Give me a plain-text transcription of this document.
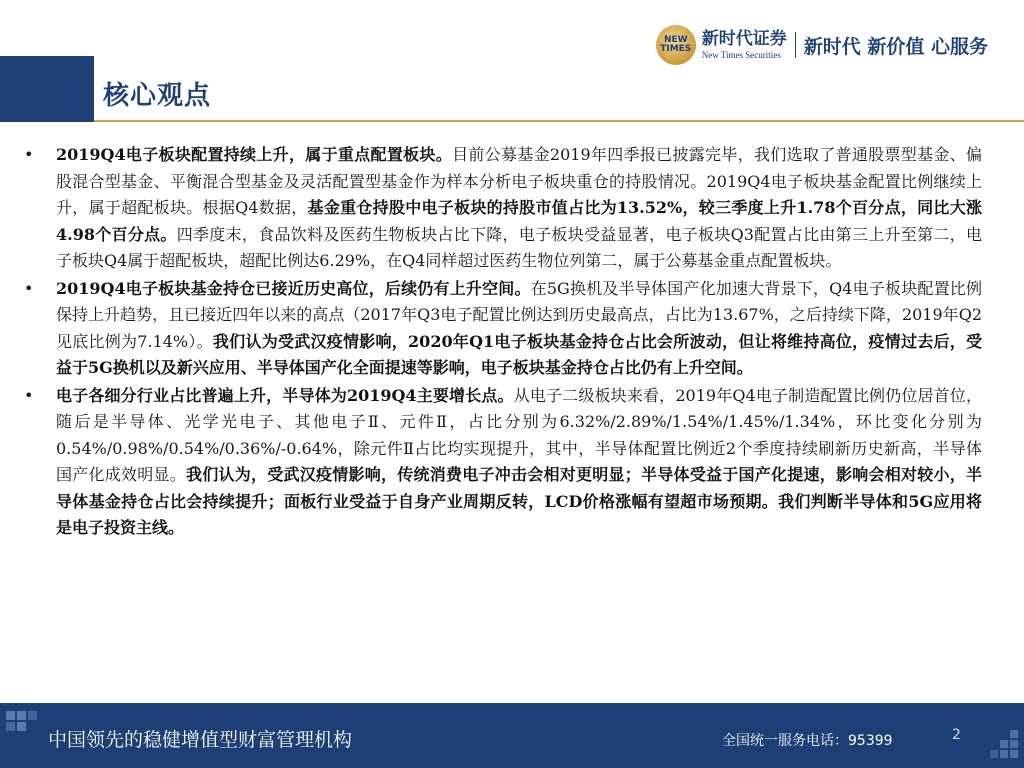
核心观点
NEW TIMES 新时代证券
New Times Securities	新时代 新价值 心服务
• 2019Q4电子板块配置持续上升，属于重点配置板块。目前公募基金2019年四季报已披露完毕，我们选取了普通股票型基金、偏股混合型基金、平衡混合型基金及灵活配置型基金作为样本分析电子板块重仓的持股情况。2019Q4电子板块基金配置比例继续上升，属于超配板块。根据Q4数据，基金重仓持股中电子板块的持股市值占比为13.52%，较三季度上升1.78个百分点，同比大涨4.98个百分点。四季度末，食品饮料及医药生物板块占比下降，电子板块受益显著，电子板块Q3配置占比由第三上升至第二，电子板块Q4属于超配板块，超配比例达6.29%，在Q4同样超过医药生物位列第二，属于公募基金重点配置板块。
• 2019Q4电子板块基金持仓已接近历史高位，后续仍有上升空间。在5G换机及半导体国产化加速大背景下，Q4电子板块配置比例保持上升趋势，且已接近四年以来的高点（2017年Q3电子配置比例达到历史最高点，占比为13.67%，之后持续下降，2019年Q2见底比例为7.14%）。我们认为受武汉疫情影响，2020年Q1电子板块基金持仓占比会所波动，但让将维持高位，疫情过去后，受益于5G换机以及新兴应用、半导体国产化全面提速等影响，电子板块基金持仓占比仍有上升空间。
• 电子各细分行业占比普遍上升，半导体为2019Q4主要增长点。从电子二级板块来看，2019年Q4电子制造配置比例仍位居首位，随后是半导体、光学光电子、其他电子Ⅱ、元件Ⅱ，占比分别为6.32%/2.89%/1.54%/1.45%/1.34%，环比变化分别为0.54%/0.98%/0.54%/0.36%/-0.64%，除元件Ⅱ占比均实现提升，其中，半导体配置比例近2个季度持续刷新历史新高，半导体国产化成效明显。我们认为，受武汉疫情影响，传统消费电子冲击会相对更明显；半导体受益于国产化提速，影响会相对较小，半导体基金持仓占比会持续提升；面板行业受益于自身产业周期反转，LCD价格涨幅有望超市场预期。我们判断半导体和5G应用将是电子投资主线。
中国领先的稳健增值型财富管理机构	全国统一服务电话：95399	2
